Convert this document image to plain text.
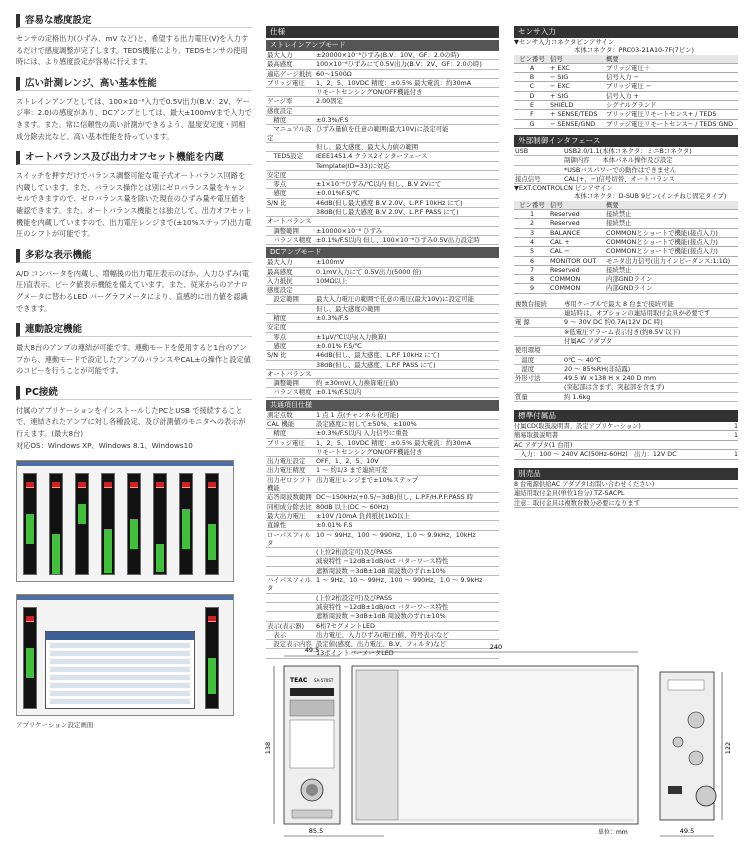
容易な感度設定
センサの定格出力(ひずみ、mV など)と、希望する出力電圧(V)を入力するだけで感度調整が完了します。TEDS機能により、TEDSセンサの使用時には、より感度設定が容易に行えます。
広い計測レンジ、高い基本性能
ストレインアンプとしては、100×10⁻⁶入力で0.5V出力(B.V：2V、ゲージ率：2.0)の感度があり、DCアンプとしては、最大±100mVまで入力できます。また、常に信頼性の高い計測ができるよう、温度安定度・同相成分除去比など、高い基本性能を持っています。
オートバランス及び出力オフセット機能を内蔵
スイッチを押すだけでバランス調整可能な電子式オートバランス回路を内蔵しています。また、バランス操作とは別にゼロバランス量をキャンセルできますので、ゼロバランス量を除いた現在のひずみ量や電圧値を確認できます。また、オートバランス機能とは独立して、出力オフセット機能を内蔵していますので、出力電圧レンジまで(±10%ステップ)出力電圧のシフトが可能です。
多彩な表示機能
A/D コンバータを内蔵し、増幅後の出力電圧表示のほか、入力ひずみ(電圧)直表示、ピーク値表示機能を備えています。また、従来からのアナログメータに替わるLED バーグラフメータにより、直感的に出力値を認識できます。
連動設定機能
最大8台のアンプの連結が可能です。連動モードを使用すると1台のアンプから、連動モードで設定したアンプのバランスやCAL±の操作と設定値のコピーを行うことが可能です。
PC接続
付属のアプリケーションをインストールしたPCとUSB で接続することで、連結されたアンプに対し各種設定、及び計測値のモニタへの表示が行えます。(最大8台)
対応OS：Windows XP、Windows 8.1、Windows10
アプリケーション設定画面
仕様
ストレインアンプモード
最大入力	±20000×10⁻⁶ひずみ(B.V：10V、GF：2.0の時)
最高感度	100×10⁻⁶ひずみにて0.5V出力(B.V：2V、GF：2.0の時)
適応ゲージ抵抗 60〜1500Ω
ブリッジ電圧	1、2、5、10VDC 精度：±0.5% 最大電流：約30mA
リモートセンシングON/OFF機能付き
ゲージ率	2.00固定
感度設定
　精度	±0.3%/F.S
　マニュアル設定
ひずみ量値を任意の範囲(最大10V)に設定可能
但し、最大感度、最大入力値の範囲
　TEDS設定	IEEE1451.4 クラス2インターフェース
Template(ID=33)に対応
安定度
　零点	±1×10⁻⁶ひずみ/℃以内 但し、B.V 2Vにて
　感度	±0.01%F.S/℃
S/N 比	46dB(但し最大感度 B.V 2.0V、L.P.F 10kHz にて)
38dB(但し最大感度 B.V 2.0V、L.P.F PASS にて)
オートバランス
　調整範囲	±10000×10⁻⁶ ひずみ
　バランス精度 ±0.1%/F.S以内 但し、100×10⁻⁶ひずみ0.5V出力設定時
DCアンプモード
最大入力	±100mV
最高感度	0.1mV入力にて 0.5V出力(5000 倍)
入力抵抗	10MΩ以上
感度設定
　設定範囲	最大入力電圧の範囲で任意の電圧(最大10V)に設定可能
但し、最大感度の範囲
　精度	±0.3%/F.S
安定度
　零点	±1μV/℃以内(入力換算)
　感度	±0.01% F.S/℃
S/N 比	46dB(但し、最大感度、L.P.F 10kHz にて)
38dB(但し、最大感度、L.P.F PASS にて)
オートバランス
　調整範囲	約 ±30mV(入力換算電圧値)
　バランス精度 ±0.1%/F.S以内
共通項目仕様
測定点数	1 点 1 点(チャンネル化可能)
CAL 機能	設定感度に対して±50%、±100%
　精度	±0.3%/F.S以内 入力信号に重畳
ブリッジ電圧	1、2、5、10VDC 精度：±0.5% 最大電流：約30mA
リモートセンシングON/OFF機能付き
出力電圧設定	OFF、1、2、5、10V
出力電圧精度	1 〜 約1/3 まで連続可変
出力ゼロシフト機能
出力電圧レンジまで±10%ステップ
応答周波数範囲 DC〜150kHz(+0.5/−3dB)但し、L.P.F/H.P.F:PASS 時
同相成分除去比 80dB 以上(DC 〜 60Hz)
最大出力電圧	±10V /10mA 負荷抵抗1kΩ以上
直線性	±0.01% F.S
ローパスフィルタ
10 〜 99Hz、100 〜 990Hz、1.0 〜 9.9kHz、10kHz
(上位2桁設定可)及びPASS
減衰特性 −12dB±1dB/oct バターワース特性
遮断周波数 −3dB±1dB 周波数のずれ±10%
ハイパスフィルタ
1 〜 9Hz、10 〜 99Hz、100 〜 990Hz、1.0 〜 9.9kHz
(上位2桁設定可)及びPASS
減衰特性 −12dB±1dB/oct バターワース特性
遮断周波数 −3dB±1dB 周波数のずれ±10%
表示(表示器)	6桁7セグメントLED
　表示	出力電圧、入力ひずみ(電圧)値、符号表示など
　設定表示内容 設定値(感度、出力電圧、B.V、フィルタ)など
13ポイントバーメータLED
センサ入力
▼センサ入力コネクタピンアサイン
本体コネクタ：PRC03-21A10-7F(7ピン)
ピン番号 信号	概要
A	+ EXC	ブリッジ電圧＋
B	− SIG	信号入力 −
C	− EXC	ブリッジ電圧 −
D	+ SIG	信号入力 +
E	SHIELD	シグナルグランド
F	+ SENSE/TEDS	ブリッジ電圧リモートセンス+ / TEDS
G	− SENSE/GND	ブリッジ電圧リモートセンス− / TEDS GND
外部制御インタフェース
USB	USB2.0/1.1(本体コネクタ：ミニBコネクタ)
制御内容　　本体パネル操作及び設定
*USBバスパワーでの動作はできません
接点信号	CAL(+、−)信号切替、オートバランス
▼EXT.CONTROLCN ピンアサイン
本体コネクタ：D-SUB 9ピン(インチねじ固定タイプ)
ピン番号 信号	概要
1	Reserved	接続禁止
2	Reserved	接続禁止
3	BALANCE	COMMONとショートで機能(接点入力)
4	CAL +	COMMONとショートで機能(接点入力)
5	CAL −	COMMONとショートで機能(接点入力)
6	MONITOR OUT	モニタ出力信号(出力インピーダンス:1:1Ω)
7	Reserved	接続禁止
8	COMMON	内部GNDライン
9	COMMON	内部GNDライン
複数台接続	専用ケーブルで最大 8 台まで接続可能
連結時は、オプションの連結用取付金具が必要です
電 源	9 〜 30V DC 約0.7A(12V DC 時)
※低電圧アラーム表示付き(約8.5V 以下)
付属AC アダプタ
使用環境
　温度	0℃ 〜 40℃
　湿度	20 〜 85%RH(非結露)
外形寸法	49.5 W ×138 H × 240 D mm
(突起部は含まず、突起部を含まず)
質量	約 1.6kg
標準付属品
付属CD(取扱説明書、設定アプリケーション)	1
簡易取扱説明書	1
AC アダプタ(1 台用)
　入力：100 〜 240V AC(50Hz-60Hz)　出力：12V DC	1
別売品
8 台電源供給AC アダプタ(お問い合わせください)
連結用取付金具(単位1台分) TZ-SACPL
注意：取付金具は複数台数分必要になります
49.5
TEAC SA-570ST
138
240
85.5	単位：mm
122
49.5
